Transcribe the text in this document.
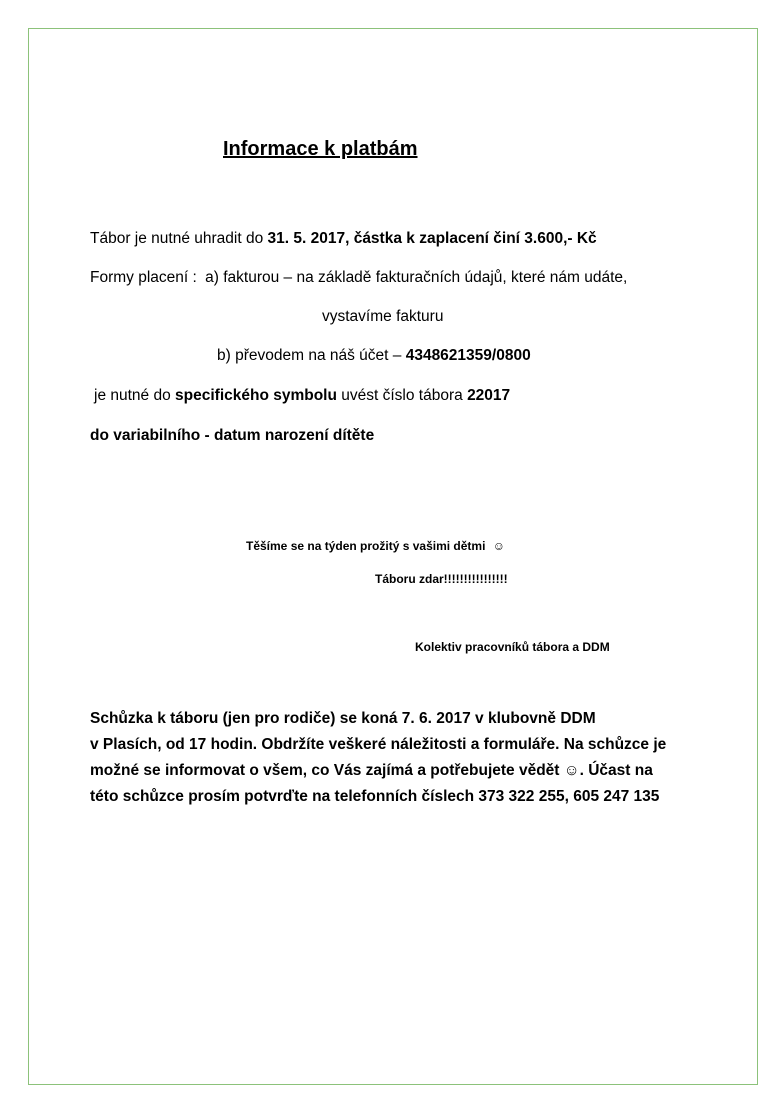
Informace k platbám
Tábor je nutné uhradit do 31. 5. 2017, částka k zaplacení činí 3.600,- Kč
Formy placení : a) fakturou – na základě fakturačních údajů, které nám udáte,
vystavíme fakturu
b) převodem na náš účet – 4348621359/0800
je nutné do specifického symbolu uvést číslo tábora 22017
do variabilního - datum narození dítěte
Těšíme se na týden prožitý s vašimi dětmi ☺
Táboru zdar!!!!!!!!!!!!!!!!
Kolektiv pracovníků tábora a DDM
Schůzka k táboru (jen pro rodiče) se koná 7. 6. 2017 v klubovně DDM
v Plasích, od 17 hodin. Obdržíte veškeré náležitosti a formuláře. Na schůzce je
možné se informovat o všem, co Vás zajímá a potřebujete vědět ☺. Účast na
této schůzce prosím potvrďte na telefonních číslech 373 322 255, 605 247 135
